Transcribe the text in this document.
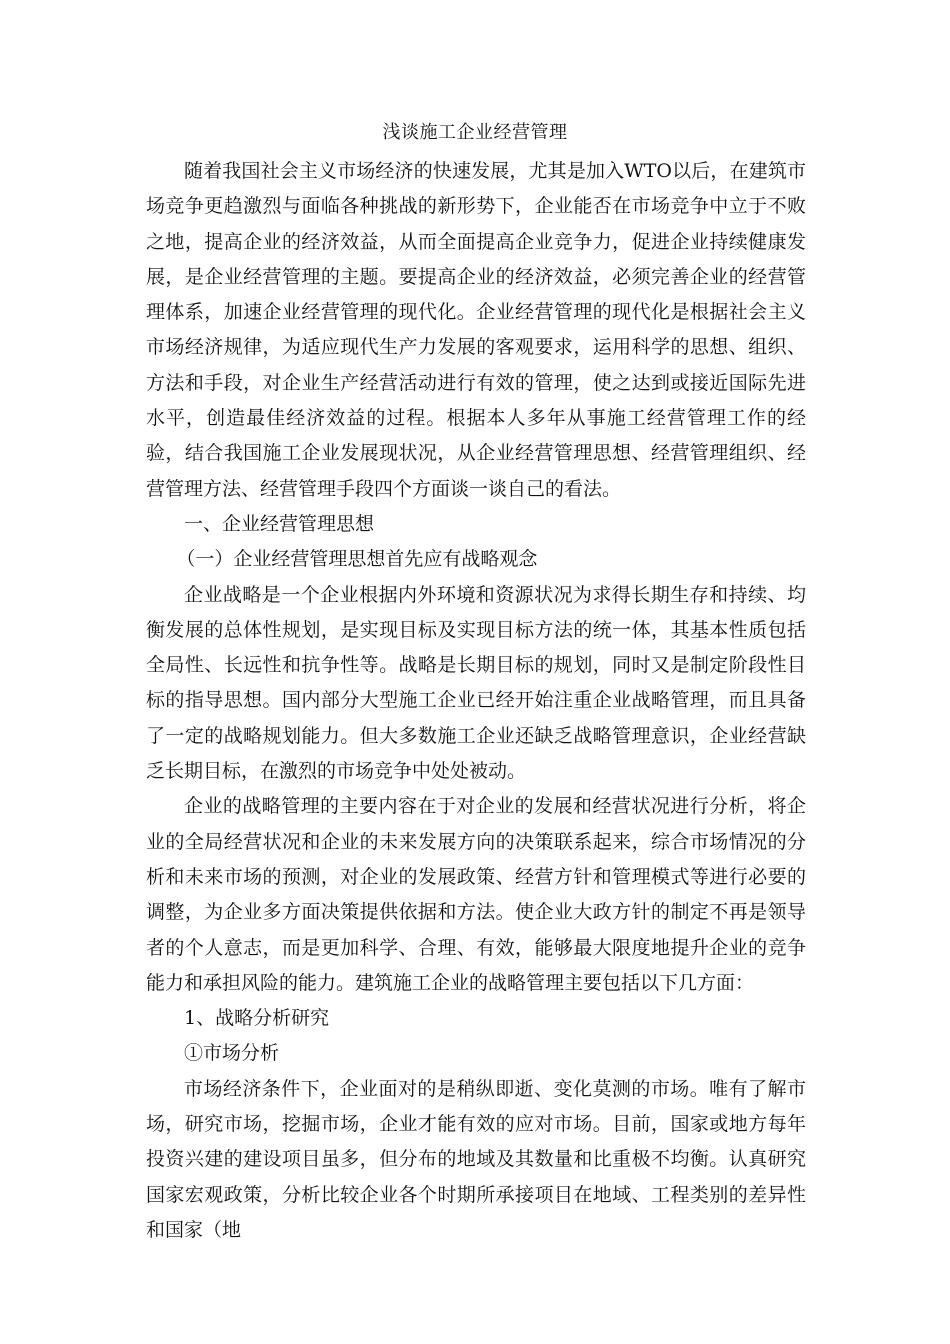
浅谈施工企业经营管理

随着我国社会主义市场经济的快速发展，尤其是加入WTO以后，在建筑市场竞争更趋激烈与面临各种挑战的新形势下，企业能否在市场竞争中立于不败之地，提高企业的经济效益，从而全面提高企业竞争力，促进企业持续健康发展，是企业经营管理的主题。要提高企业的经济效益，必须完善企业的经营管理体系，加速企业经营管理的现代化。企业经营管理的现代化是根据社会主义市场经济规律，为适应现代生产力发展的客观要求，运用科学的思想、组织、方法和手段，对企业生产经营活动进行有效的管理，使之达到或接近国际先进水平，创造最佳经济效益的过程。根据本人多年从事施工经营管理工作的经验，结合我国施工企业发展现状况，从企业经营管理思想、经营管理组织、经营管理方法、经营管理手段四个方面谈一谈自己的看法。

一、企业经营管理思想

（一）企业经营管理思想首先应有战略观念

企业战略是一个企业根据内外环境和资源状况为求得长期生存和持续、均衡发展的总体性规划，是实现目标及实现目标方法的统一体，其基本性质包括全局性、长远性和抗争性等。战略是长期目标的规划，同时又是制定阶段性目标的指导思想。国内部分大型施工企业已经开始注重企业战略管理，而且具备了一定的战略规划能力。但大多数施工企业还缺乏战略管理意识，企业经营缺乏长期目标，在激烈的市场竞争中处处被动。

企业的战略管理的主要内容在于对企业的发展和经营状况进行分析，将企业的全局经营状况和企业的未来发展方向的决策联系起来，综合市场情况的分析和未来市场的预测，对企业的发展政策、经营方针和管理模式等进行必要的调整，为企业多方面决策提供依据和方法。使企业大政方针的制定不再是领导者的个人意志，而是更加科学、合理、有效，能够最大限度地提升企业的竞争能力和承担风险的能力。建筑施工企业的战略管理主要包括以下几方面：

1、战略分析研究

①市场分析

市场经济条件下，企业面对的是稍纵即逝、变化莫测的市场。唯有了解市场，研究市场，挖掘市场，企业才能有效的应对市场。目前，国家或地方每年投资兴建的建设项目虽多，但分布的地域及其数量和比重极不均衡。认真研究国家宏观政策，分析比较企业各个时期所承接项目在地域、工程类别的差异性和国家（地
